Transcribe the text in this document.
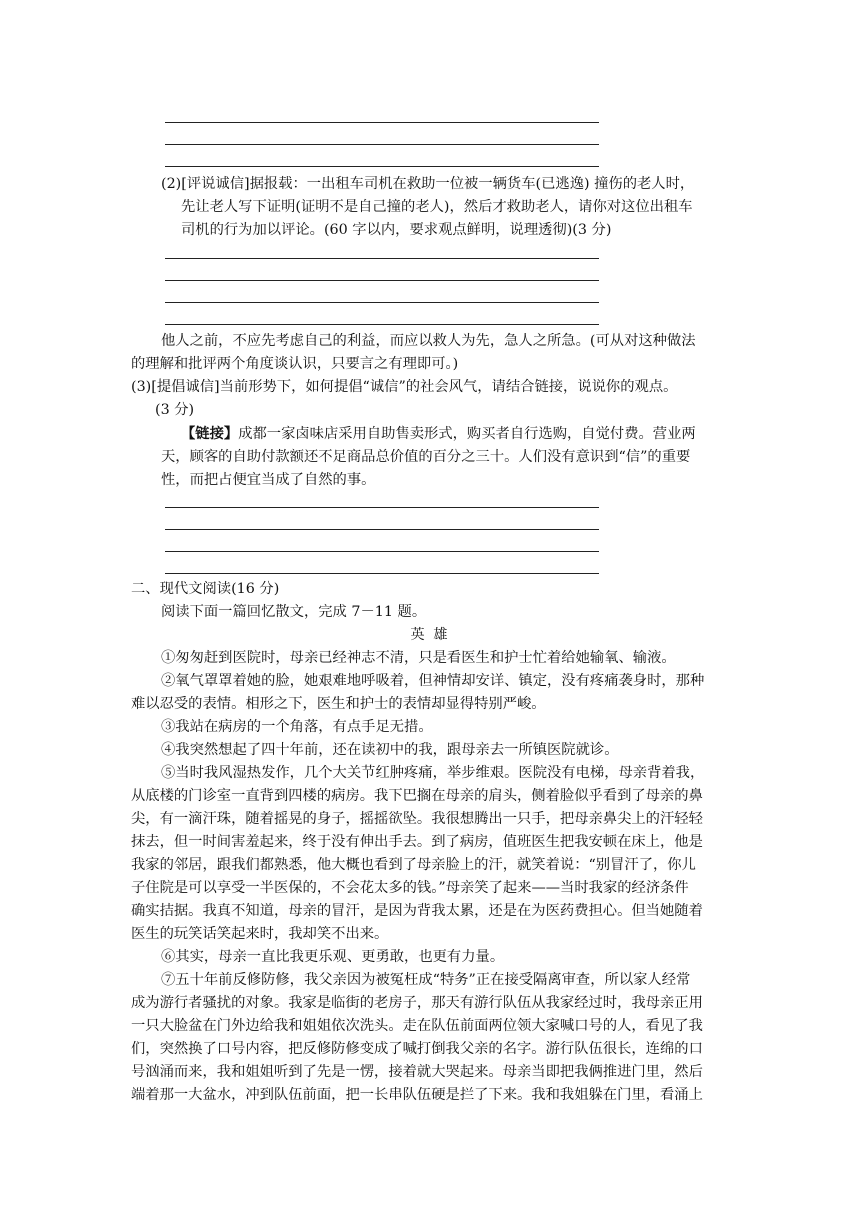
(2)[评说诚信]据报载：一出租车司机在救助一位被一辆货车(已逃逸) 撞伤的老人时，

先让老人写下证明(证明不是自己撞的老人)，然后才救助老人，请你对这位出租车

司机的行为加以评论。(60 字以内，要求观点鲜明，说理透彻)(3 分)

他人之前，不应先考虑自己的利益，而应以救人为先，急人之所急。(可从对这种做法

的理解和批评两个角度谈认识，只要言之有理即可。)

(3)[提倡诚信]当前形势下，如何提倡“诚信”的社会风气，请结合链接，说说你的观点。

(3 分)

【链接】成都一家卤味店采用自助售卖形式，购买者自行选购，自觉付费。营业两

天，顾客的自助付款额还不足商品总价值的百分之三十。人们没有意识到“信”的重要

性，而把占便宜当成了自然的事。

二、现代文阅读(16 分)

阅读下面一篇回忆散文，完成 7－11 题。

英 雄

①匆匆赶到医院时，母亲已经神志不清，只是看医生和护士忙着给她输氧、输液。

②氧气罩罩着她的脸，她艰难地呼吸着，但神情却安详、镇定，没有疼痛袭身时，那种

难以忍受的表情。相形之下，医生和护士的表情却显得特别严峻。

③我站在病房的一个角落，有点手足无措。

④我突然想起了四十年前，还在读初中的我，跟母亲去一所镇医院就诊。

⑤当时我风湿热发作，几个大关节红肿疼痛，举步维艰。医院没有电梯，母亲背着我，

从底楼的门诊室一直背到四楼的病房。我下巴搁在母亲的肩头，侧着脸似乎看到了母亲的鼻

尖，有一滴汗珠，随着摇晃的身子，摇摇欲坠。我很想腾出一只手，把母亲鼻尖上的汗轻轻

抹去，但一时间害羞起来，终于没有伸出手去。到了病房，值班医生把我安顿在床上，他是

我家的邻居，跟我们都熟悉，他大概也看到了母亲脸上的汗，就笑着说：“别冒汗了，你儿

子住院是可以享受一半医保的，不会花太多的钱。”母亲笑了起来——当时我家的经济条件

确实拮据。我真不知道，母亲的冒汗，是因为背我太累，还是在为医药费担心。但当她随着

医生的玩笑话笑起来时，我却笑不出来。

⑥其实，母亲一直比我更乐观、更勇敢，也更有力量。

⑦五十年前反修防修，我父亲因为被冤枉成“特务”正在接受隔离审查，所以家人经常

成为游行者骚扰的对象。我家是临街的老房子，那天有游行队伍从我家经过时，我母亲正用

一只大脸盆在门外边给我和姐姐依次洗头。走在队伍前面两位领大家喊口号的人，看见了我

们，突然换了口号内容，把反修防修变成了喊打倒我父亲的名字。游行队伍很长，连绵的口

号汹涌而来，我和姐姐听到了先是一愣，接着就大哭起来。母亲当即把我俩推进门里，然后

端着那一大盆水，冲到队伍前面，把一长串队伍硬是拦了下来。我和我姐躲在门里，看涌上
